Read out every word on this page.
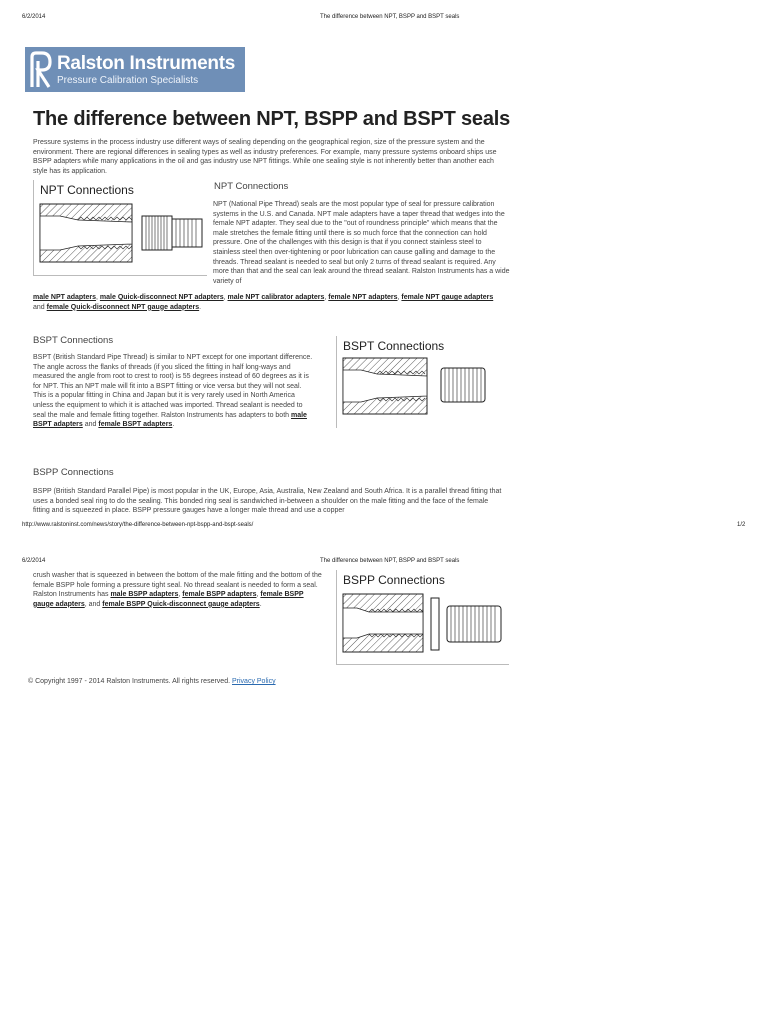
6/2/2014	The difference between NPT, BSPP and BSPT seals
Ralston Instruments
Pressure Calibration Specialists
The difference between NPT, BSPP and BSPT seals

Pressure systems in the process industry use different ways of sealing depending on the geographical region, size of the pressure system and the environment. There are regional differences in sealing types as well as industry preferences. For example, many pressure systems onboard ships use BSPP adapters while many applications in the oil and gas industry use NPT fittings. While one sealing style is not inherently better than another each style has its application.

NPT Connections	NPT Connections

NPT (National Pipe Thread) seals are the most popular type of seal for pressure calibration systems in the U.S. and Canada. NPT male adapters have a taper thread that wedges into the female NPT adapter. They seal due to the "out of roundness principle" which means that the male stretches the female fitting until there is so much force that the connection can hold pressure. One of the challenges with this design is that if you connect stainless steel to stainless steel then over-tightening or poor lubrication can cause galling and damage to the threads. Thread sealant is needed to seal but only 2 turns of thread sealant is required. Any more than that and the seal can leak around the thread sealant. Ralston Instruments has a wide variety of

male NPT adapters, male Quick-disconnect NPT adapters, male NPT calibrator adapters, female NPT adapters, female NPT gauge adapters and female Quick-disconnect NPT gauge adapters.

BSPT Connections

BSPT (British Standard Pipe Thread) is similar to NPT except for one important difference. The angle across the flanks of threads (if you sliced the fitting in half long-ways and measured the angle from root to crest to root) is 55 degrees instead of 60 degrees as it is for NPT. This an NPT male will fit into a BSPT fitting or vice versa but they will not seal. This is a popular fitting in China and Japan but it is very rarely used in North America unless the equipment to which it is attached was imported. Thread sealant is needed to seal the male and female fitting together. Ralston Instruments has adapters to both male BSPT adapters and female BSPT adapters.

BSPT Connections

BSPP Connections

BSPP (British Standard Parallel Pipe) is most popular in the UK, Europe, Asia, Australia, New Zealand and South Africa. It is a parallel thread fitting that uses a bonded seal ring to do the sealing. This bonded ring seal is sandwiched in-between a shoulder on the male fitting and the face of the female fitting and is squeezed in place. BSPP pressure gauges have a longer male thread and use a copper

http://www.ralstoninst.com/news/story/the-difference-between-npt-bspp-and-bspt-seals/	1/2
6/2/2014	The difference between NPT, BSPP and BSPT seals

crush washer that is squeezed in between the bottom of the male fitting and the bottom of the female BSPP hole forming a pressure tight seal. No thread sealant is needed to form a seal. Ralston Instruments has male BSPP adapters, female BSPP adapters, female BSPP gauge adapters, and female BSPP Quick-disconnect gauge adapters.

BSPP Connections
© Copyright 1997 - 2014 Ralston Instruments. All rights reserved. Privacy Policy
